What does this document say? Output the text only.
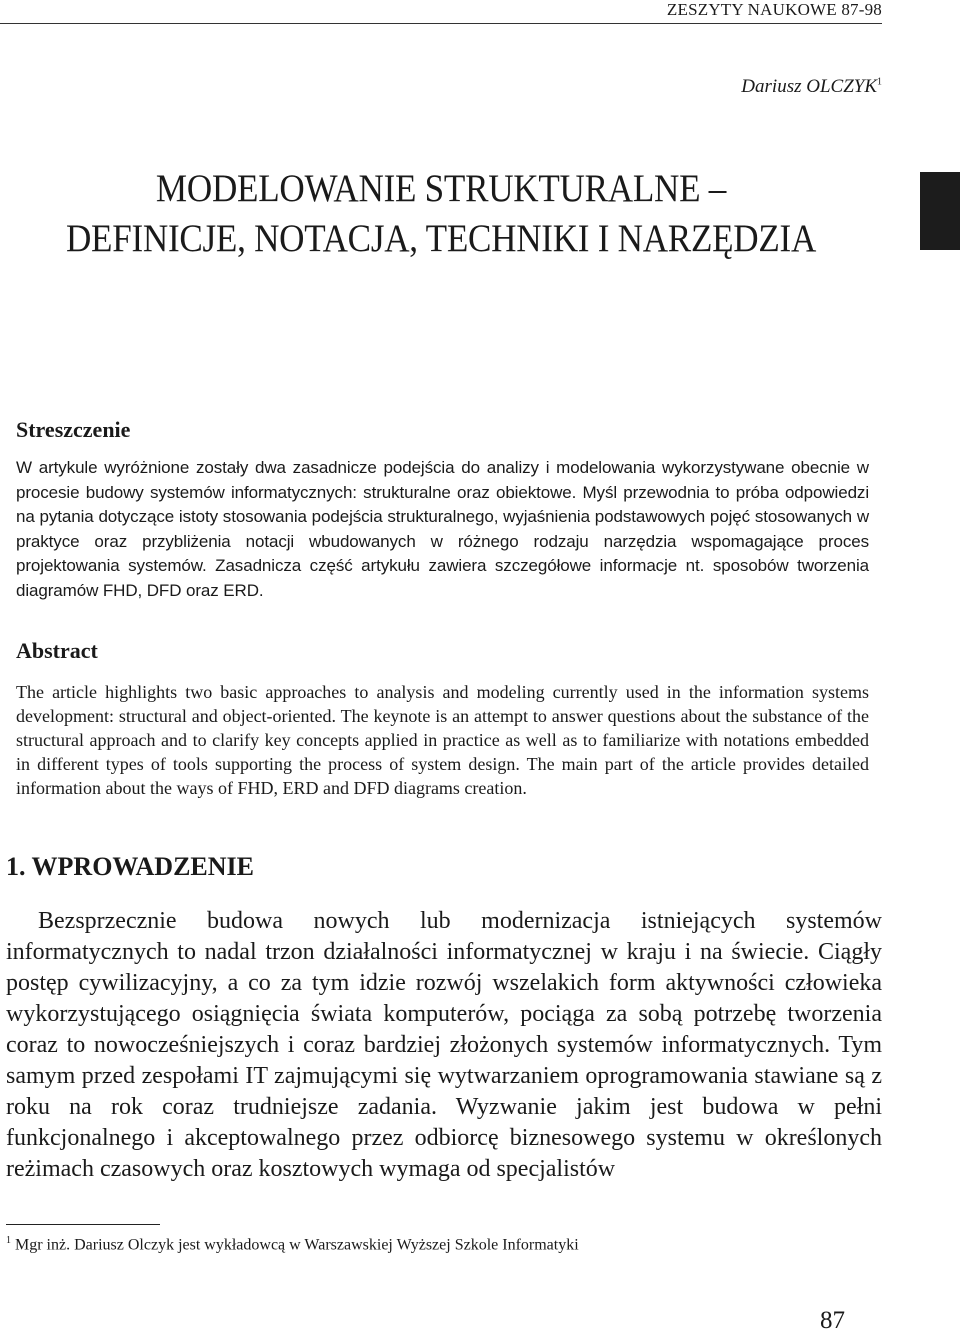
ZESZYTY NAUKOWE 87-98
Dariusz OLCZYK$^1$
MODELOWANIE STRUKTURALNE –
DEFINICJE, NOTACJA, TECHNIKI I NARZĘDZIA
Streszczenie

W artykule wyróżnione zostały dwa zasadnicze podejścia do analizy i modelowania wykorzystywane obecnie w procesie budowy systemów informatycznych: strukturalne oraz obiektowe. Myśl przewodnia to próba odpowiedzi na pytania dotyczące istoty stosowania podejścia strukturalnego, wyjaśnienia podstawowych pojęć stosowanych w praktyce oraz przybliżenia notacji wbudowanych w różnego rodzaju narzędzia wspomagające proces projektowania systemów. Zasadnicza część artykułu zawiera szczegółowe informacje nt. sposobów tworzenia diagramów FHD, DFD oraz ERD.

Abstract

The article highlights two basic approaches to analysis and modeling currently used in the information systems development: structural and object-oriented. The keynote is an attempt to answer questions about the substance of the structural approach and to clarify key concepts applied in practice as well as to familiarize with notations embedded in different types of tools supporting the process of system design. The main part of the article provides detailed information about the ways of FHD, ERD and DFD diagrams creation.

1. WPROWADZENIE

Bezsprzecznie budowa nowych lub modernizacja istniejących systemów informatycznych to nadal trzon działalności informatycznej w kraju i na świecie. Ciągły postęp cywilizacyjny, a co za tym idzie rozwój wszelakich form aktywności człowieka wykorzystującego osiągnięcia świata komputerów, pociąga za sobą potrzebę tworzenia coraz to nowocześniejszych i coraz bardziej złożonych systemów informatycznych. Tym samym przed zespołami IT zajmującymi się wytwarzaniem oprogramowania stawiane są z roku na rok coraz trudniejsze zadania. Wyzwanie jakim jest budowa w pełni funkcjonalnego i akceptowalnego przez odbiorcę biznesowego systemu w określonych reżimach czasowych oraz kosztowych wymaga od specjalistów

$^1$ Mgr inż. Dariusz Olczyk jest wykładowcą w Warszawskiej Wyższej Szkole Informatyki
87
